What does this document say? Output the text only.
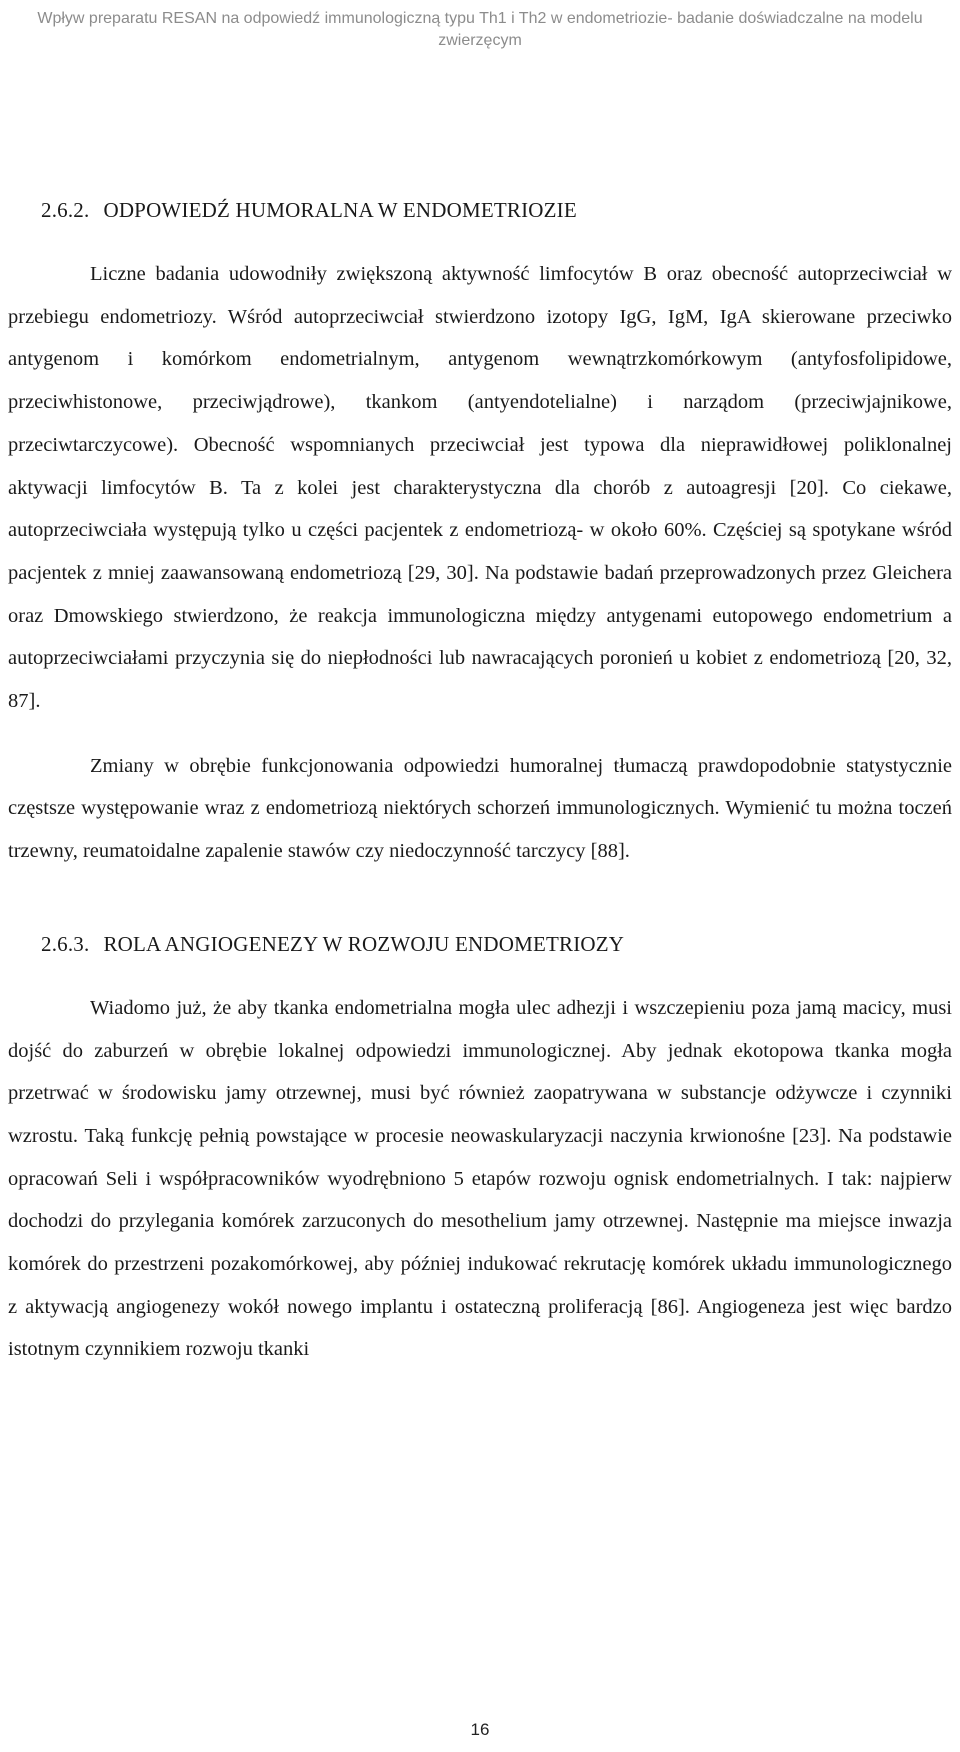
Wpływ preparatu RESAN na odpowiedź immunologiczną typu Th1 i Th2 w endometriozie- badanie doświadczalne na modelu zwierzęcym
2.6.2. ODPOWIEDŹ HUMORALNA W ENDOMETRIOZIE

Liczne badania udowodniły zwiększoną aktywność limfocytów B oraz obecność autoprzeciwciał w przebiegu endometriozy. Wśród autoprzeciwciał stwierdzono izotopy IgG, IgM, IgA skierowane przeciwko antygenom i komórkom endometrialnym, antygenom wewnątrzkomórkowym (antyfosfolipidowe, przeciwhistonowe, przeciwjądrowe), tkankom (antyendotelialne) i narządom (przeciwjajnikowe, przeciwtarczycowe). Obecność wspomnianych przeciwciał jest typowa dla nieprawidłowej poliklonalnej aktywacji limfocytów B. Ta z kolei jest charakterystyczna dla chorób z autoagresji [20]. Co ciekawe, autoprzeciwciała występują tylko u części pacjentek z endometriozą- w około 60%. Częściej są spotykane wśród pacjentek z mniej zaawansowaną endometriozą [29, 30]. Na podstawie badań przeprowadzonych przez Gleichera oraz Dmowskiego stwierdzono, że reakcja immunologiczna między antygenami eutopowego endometrium a autoprzeciwciałami przyczynia się do niepłodności lub nawracających poronień u kobiet z endometriozą [20, 32, 87].

Zmiany w obrębie funkcjonowania odpowiedzi humoralnej tłumaczą prawdopodobnie statystycznie częstsze występowanie wraz z endometriozą niektórych schorzeń immunologicznych. Wymienić tu można toczeń trzewny, reumatoidalne zapalenie stawów czy niedoczynność tarczycy [88].

2.6.3. ROLA ANGIOGENEZY W ROZWOJU ENDOMETRIOZY

Wiadomo już, że aby tkanka endometrialna mogła ulec adhezji i wszczepieniu poza jamą macicy, musi dojść do zaburzeń w obrębie lokalnej odpowiedzi immunologicznej. Aby jednak ekotopowa tkanka mogła przetrwać w środowisku jamy otrzewnej, musi być również zaopatrywana w substancje odżywcze i czynniki wzrostu. Taką funkcję pełnią powstające w procesie neowaskularyzacji naczynia krwionośne [23]. Na podstawie opracowań Seli i współpracowników wyodrębniono 5 etapów rozwoju ognisk endometrialnych. I tak: najpierw dochodzi do przylegania komórek zarzuconych do mesothelium jamy otrzewnej. Następnie ma miejsce inwazja komórek do przestrzeni pozakomórkowej, aby później indukować rekrutację komórek układu immunologicznego z aktywacją angiogenezy wokół nowego implantu i ostateczną proliferacją [86]. Angiogeneza jest więc bardzo istotnym czynnikiem rozwoju tkanki

16
